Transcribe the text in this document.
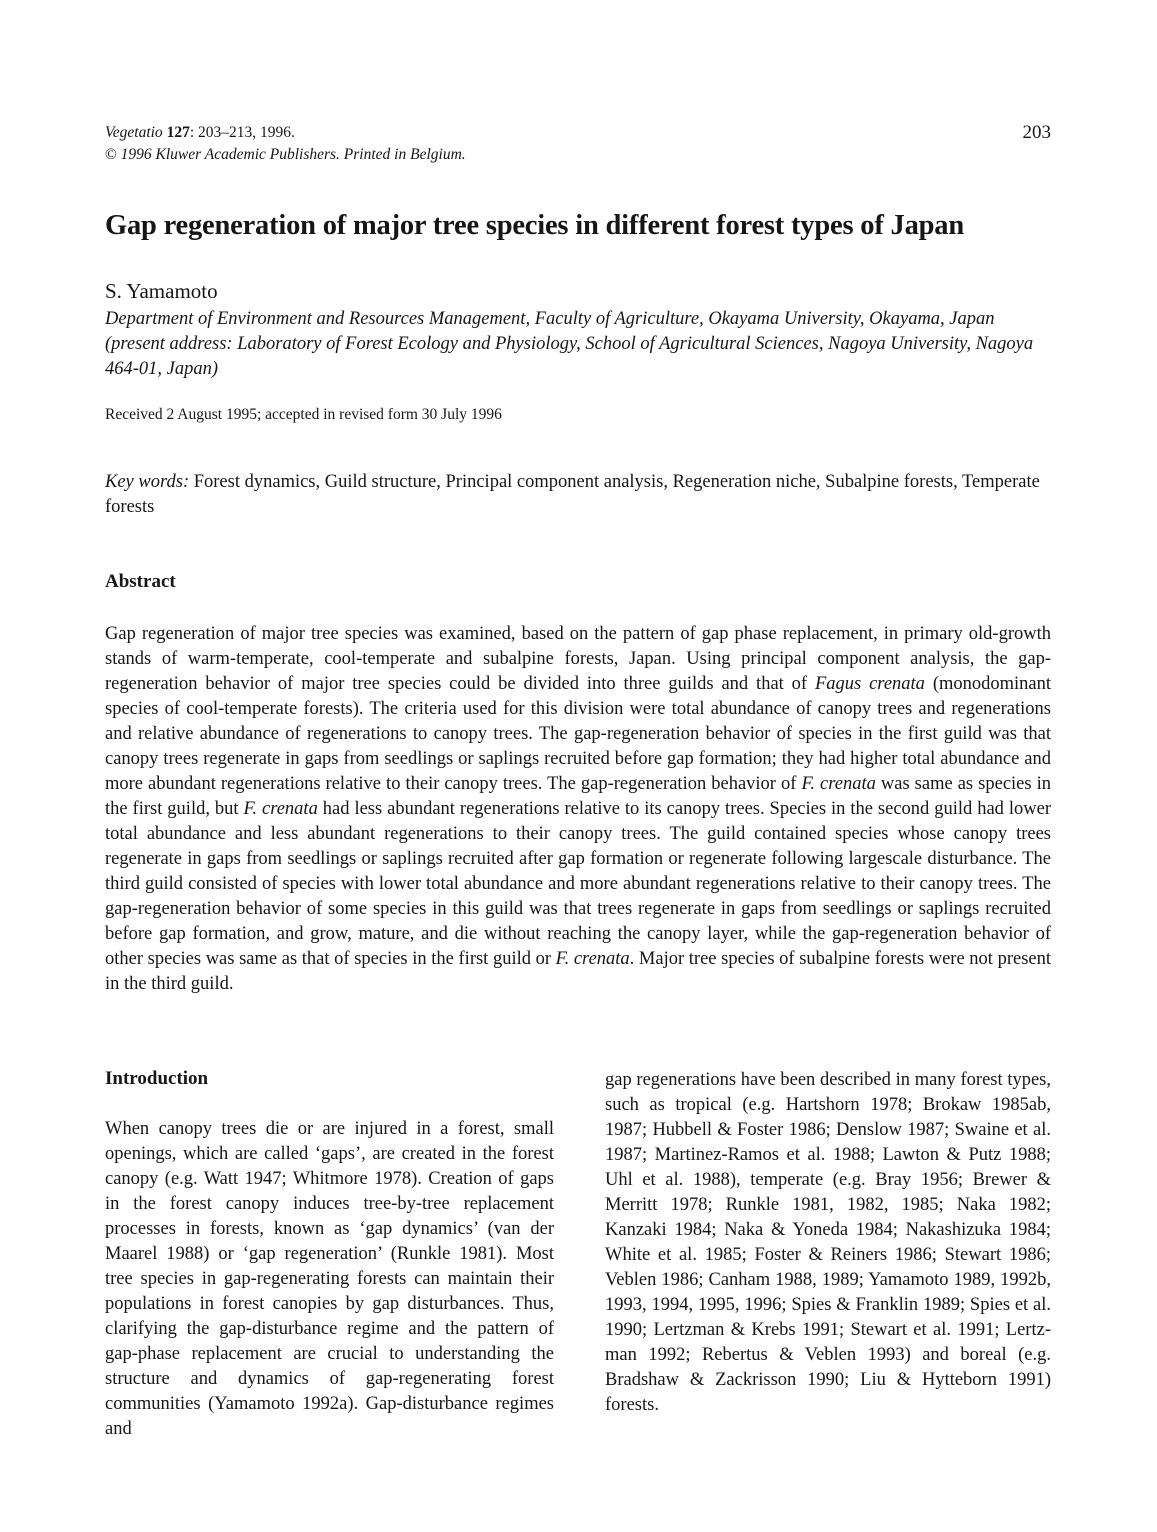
Vegetatio 127: 203–213, 1996.
© 1996 Kluwer Academic Publishers. Printed in Belgium.
203
Gap regeneration of major tree species in different forest types of Japan
S. Yamamoto
Department of Environment and Resources Management, Faculty of Agriculture, Okayama University, Okayama, Japan (present address: Laboratory of Forest Ecology and Physiology, School of Agricultural Sciences, Nagoya University, Nagoya 464-01, Japan)
Received 2 August 1995; accepted in revised form 30 July 1996
Key words: Forest dynamics, Guild structure, Principal component analysis, Regeneration niche, Subalpine forests, Temperate forests
Abstract

Gap regeneration of major tree species was examined, based on the pattern of gap phase replacement, in primary old-growth stands of warm-temperate, cool-temperate and subalpine forests, Japan. Using principal component analysis, the gap-regeneration behavior of major tree species could be divided into three guilds and that of Fagus crenata (monodominant species of cool-temperate forests). The criteria used for this division were total abundance of canopy trees and regenerations and relative abundance of regenerations to canopy trees. The gap-regeneration behavior of species in the first guild was that canopy trees regenerate in gaps from seedlings or saplings recruited before gap formation; they had higher total abundance and more abundant regenerations relative to their canopy trees. The gap-regeneration behavior of F. crenata was same as species in the first guild, but F. crenata had less abundant regenerations relative to its canopy trees. Species in the second guild had lower total abundance and less abundant regenerations to their canopy trees. The guild contained species whose canopy trees regenerate in gaps from seedlings or saplings recruited after gap formation or regenerate following largescale disturbance. The third guild consisted of species with lower total abundance and more abundant regenerations relative to their canopy trees. The gap-regeneration behavior of some species in this guild was that trees regenerate in gaps from seedlings or saplings recruited before gap formation, and grow, mature, and die without reaching the canopy layer, while the gap-regeneration behavior of other species was same as that of species in the first guild or F. crenata. Major tree species of subalpine forests were not present in the third guild.

Introduction

When canopy trees die or are injured in a forest, small openings, which are called ‘gaps’, are created in the forest canopy (e.g. Watt 1947; Whitmore 1978). Creation of gaps in the forest canopy induces tree-by-tree replacement processes in forests, known as ‘gap dynamics’ (van der Maarel 1988) or ‘gap regeneration’ (Runkle 1981). Most tree species in gap-regenerating forests can maintain their populations in forest canopies by gap disturbances. Thus, clarifying the gap-disturbance regime and the pattern of gap-phase replacement are crucial to understanding the structure and dynamics of gap-regenerating forest communities (Yamamoto 1992a). Gap-disturbance regimes and

gap regenerations have been described in many forest types, such as tropical (e.g. Hartshorn 1978; Brokaw 1985ab, 1987; Hubbell & Foster 1986; Denslow 1987; Swaine et al. 1987; Martinez-Ramos et al. 1988; Lawton & Putz 1988; Uhl et al. 1988), temperate (e.g. Bray 1956; Brewer & Merritt 1978; Runkle 1981, 1982, 1985; Naka 1982; Kanzaki 1984; Naka & Yoneda 1984; Nakashizuka 1984; White et al. 1985; Foster & Reiners 1986; Stewart 1986; Veblen 1986; Canham 1988, 1989; Yamamoto 1989, 1992b, 1993, 1994, 1995, 1996; Spies & Franklin 1989; Spies et al. 1990; Lertzman & Krebs 1991; Stewart et al. 1991; Lertzman 1992; Rebertus & Veblen 1993) and boreal (e.g. Bradshaw & Zackrisson 1990; Liu & Hytteborn 1991) forests.
